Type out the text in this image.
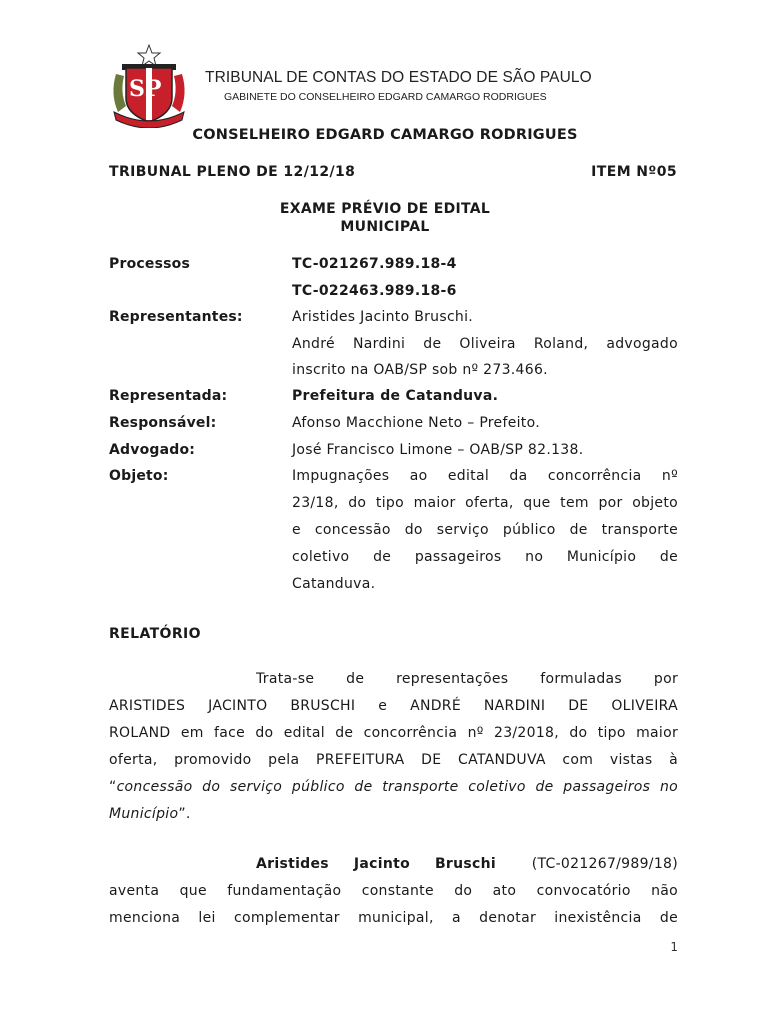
SP	TRIBUNAL DE CONTAS DO ESTADO DE SÃO PAULO
GABINETE DO CONSELHEIRO EDGARD CAMARGO RODRIGUES
CONSELHEIRO EDGARD CAMARGO RODRIGUES
TRIBUNAL PLENO DE 12/12/18	ITEM Nº05
EXAME PRÉVIO DE EDITAL
MUNICIPAL
Processos	TC-021267.989.18-4
TC-022463.989.18-6
Representantes:	Aristides Jacinto Bruschi.
André Nardini de Oliveira Roland, advogado
inscrito na OAB/SP sob nº 273.466.
Representada:	Prefeitura de Catanduva.
Responsável:	Afonso Macchione Neto – Prefeito.
Advogado:	José Francisco Limone – OAB/SP 82.138.
Objeto:	Impugnações ao edital da concorrência nº
23/18, do tipo maior oferta, que tem por objeto
e concessão do serviço público de transporte
coletivo de passageiros no Município de
Catanduva.
RELATÓRIO
Trata-se de representações formuladas por
ARISTIDES JACINTO BRUSCHI e ANDRÉ NARDINI DE OLIVEIRA
ROLAND em face do edital de concorrência nº 23/2018, do tipo maior
oferta, promovido pela PREFEITURA DE CATANDUVA com vistas à
“ concessão do serviço público de transporte coletivo de passageiros no
Município”.
Aristides Jacinto Bruschi	(TC-021267/989/18)
aventa que fundamentação constante do ato convocatório não
menciona lei complementar municipal, a denotar inexistência de
1
